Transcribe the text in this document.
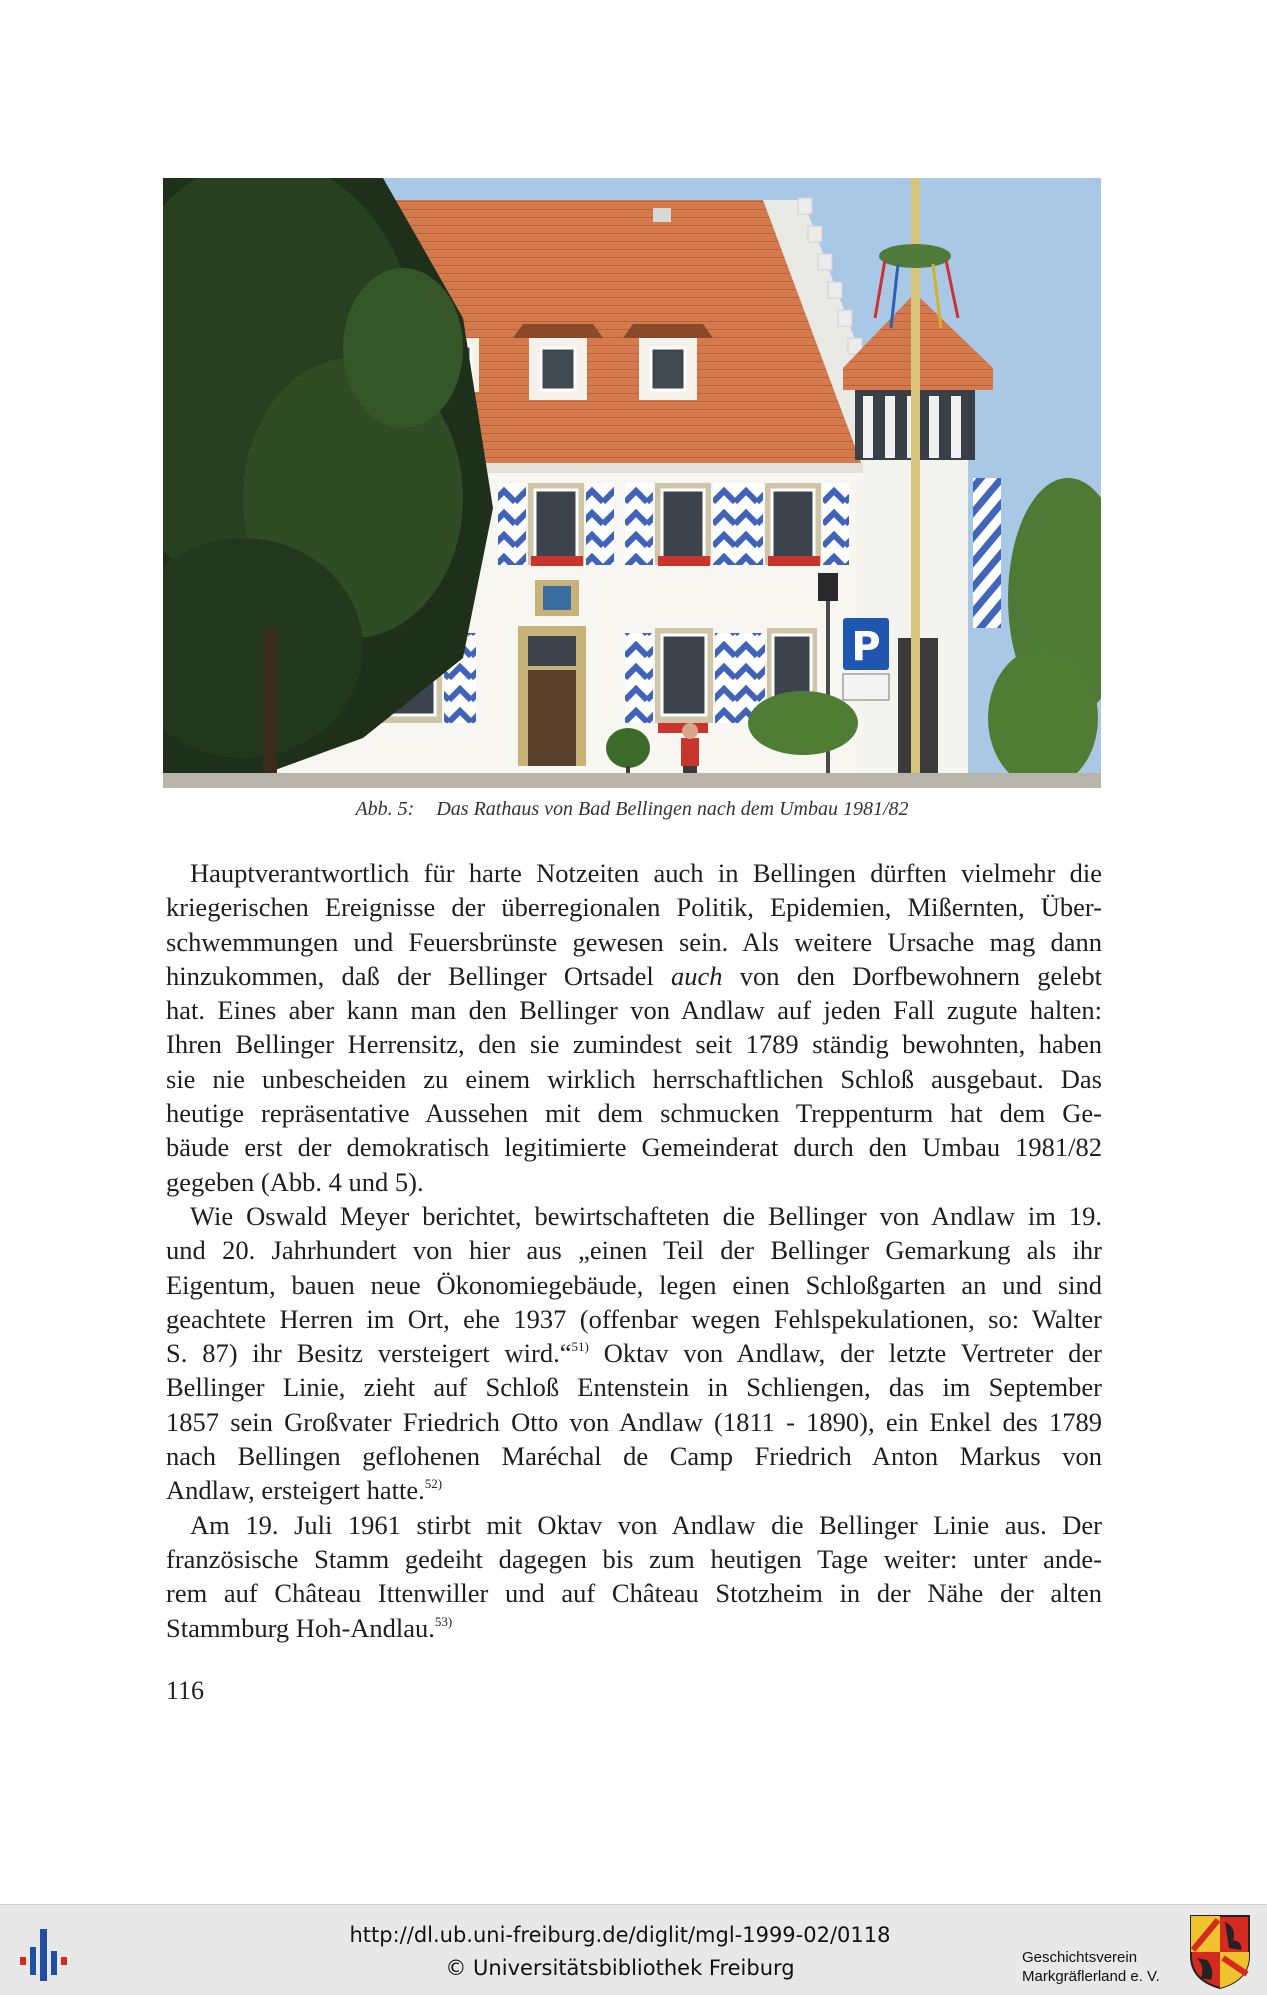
P
Abb. 5: Das Rathaus von Bad Bellingen nach dem Umbau 1981/82
Hauptverantwortlich für harte Notzeiten auch in Bellingen dürften vielmehr die
kriegerischen Ereignisse der überregionalen Politik, Epidemien, Mißernten, Über-
schwemmungen und Feuersbrünste gewesen sein. Als weitere Ursache mag dann
hinzukommen, daß der Bellinger Ortsadel auch von den Dorfbewohnern gelebt
hat. Eines aber kann man den Bellinger von Andlaw auf jeden Fall zugute halten:
Ihren Bellinger Herrensitz, den sie zumindest seit 1789 ständig bewohnten, haben
sie nie unbescheiden zu einem wirklich herrschaftlichen Schloß ausgebaut. Das
heutige repräsentative Aussehen mit dem schmucken Treppenturm hat dem Ge-
bäude erst der demokratisch legitimierte Gemeinderat durch den Umbau 1981/82
gegeben (Abb. 4 und 5).
Wie Oswald Meyer berichtet, bewirtschafteten die Bellinger von Andlaw im 19.
und 20. Jahrhundert von hier aus „einen Teil der Bellinger Gemarkung als ihr
Eigentum, bauen neue Ökonomiegebäude, legen einen Schloßgarten an und sind
geachtete Herren im Ort, ehe 1937 (offenbar wegen Fehlspekulationen, so: Walter
S. 87) ihr Besitz versteigert wird.“$^{51)}$ Oktav von Andlaw, der letzte Vertreter der
Bellinger Linie, zieht auf Schloß Entenstein in Schliengen, das im September
1857 sein Großvater Friedrich Otto von Andlaw (1811 - 1890), ein Enkel des 1789
nach Bellingen geflohenen Maréchal de Camp Friedrich Anton Markus von
Andlaw, ersteigert hatte.$^{52)}$
Am 19. Juli 1961 stirbt mit Oktav von Andlaw die Bellinger Linie aus. Der
französische Stamm gedeiht dagegen bis zum heutigen Tage weiter: unter ande-
rem auf Château Ittenwiller und auf Château Stotzheim in der Nähe der alten
Stammburg Hoh-Andlau.$^{53)}$
116
http://dl.ub.uni-freiburg.de/diglit/mgl-1999-02/0118
© Universitätsbibliothek Freiburg	Geschichtsverein
Markgräflerland e. V.
